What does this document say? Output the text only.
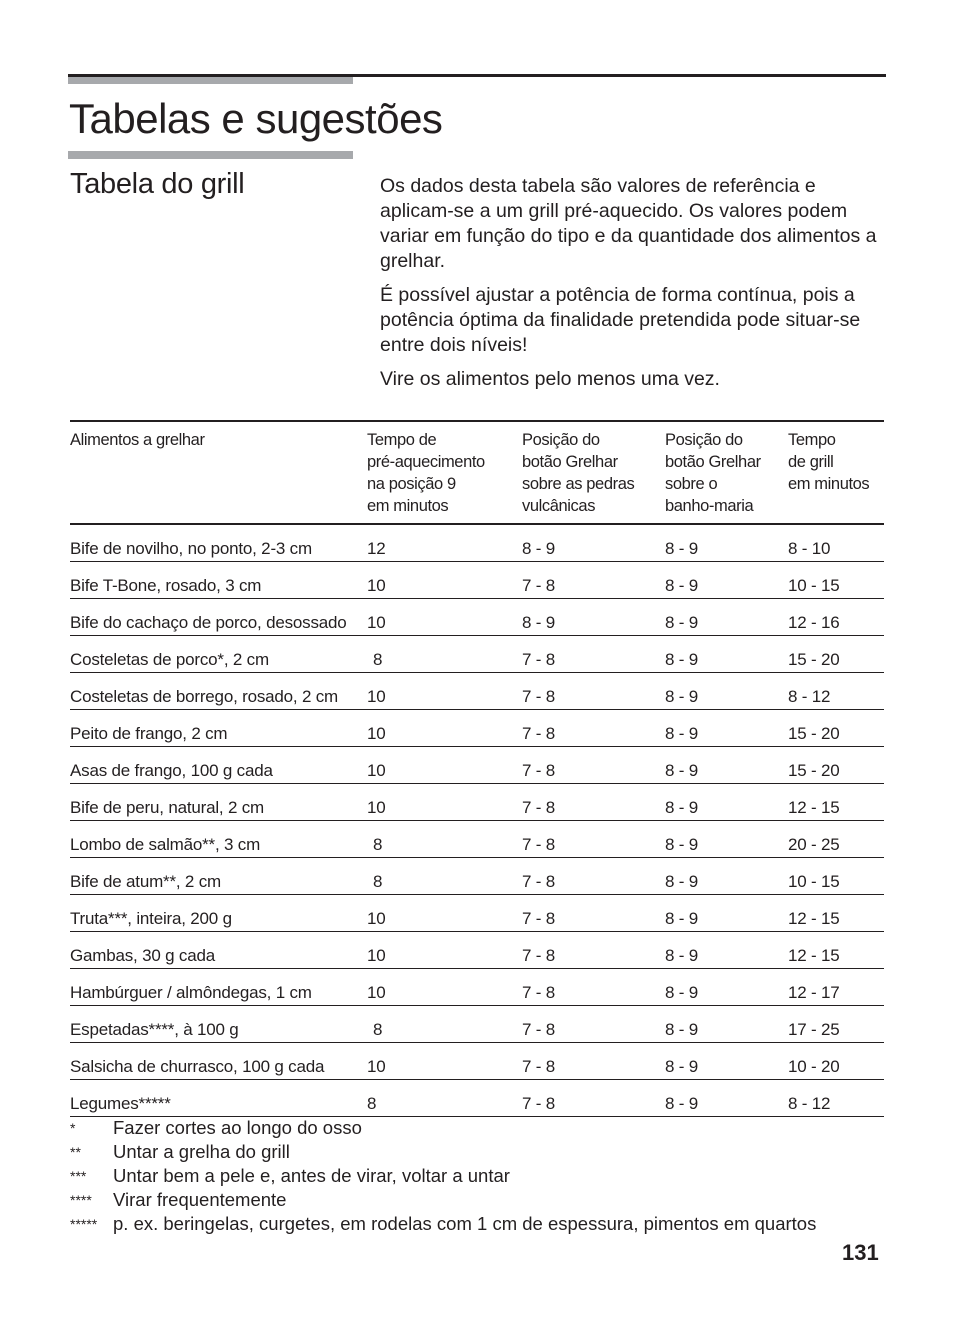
Tabelas e sugestões
Tabela do grill	Os dados desta tabela são valores de referência e aplicam-se a um grill pré-aquecido. Os valores podem variar em função do tipo e da quantidade dos alimentos a grelhar.

É possível ajustar a potência de forma contínua, pois a potência óptima da finalidade pretendida pode situar-se entre dois níveis!

Vire os alimentos pelo menos uma vez.

Alimentos a grelhar	Tempo de
pré-aquecimento
na posição 9
em minutos	Posição do
botão Grelhar
sobre as pedras
vulcânicas	Posição do
botão Grelhar
sobre o
banho-maria	Tempo
de grill
em minutos

Bife de novilho, no ponto, 2-3 cm	12	8 - 9	8 - 9	8 - 10
Bife T-Bone, rosado, 3 cm	10	7 - 8	8 - 9	10 - 15
Bife do cachaço de porco, desossado	10	8 - 9	8 - 9	12 - 16
Costeletas de porco*, 2 cm	8	7 - 8	8 - 9	15 - 20
Costeletas de borrego, rosado, 2 cm	10	7 - 8	8 - 9	8 - 12
Peito de frango, 2 cm	10	7 - 8	8 - 9	15 - 20
Asas de frango, 100 g cada	10	7 - 8	8 - 9	15 - 20
Bife de peru, natural, 2 cm	10	7 - 8	8 - 9	12 - 15
Lombo de salmão**, 3 cm	8	7 - 8	8 - 9	20 - 25
Bife de atum**, 2 cm	8	7 - 8	8 - 9	10 - 15
Truta***, inteira, 200 g	10	7 - 8	8 - 9	12 - 15
Gambas, 30 g cada	10	7 - 8	8 - 9	12 - 15
Hambúrguer / almôndegas, 1 cm	10	7 - 8	8 - 9	12 - 17
Espetadas****, à 100 g	8	7 - 8	8 - 9	17 - 25
Salsicha de churrasco, 100 g cada	10	7 - 8	8 - 9	10 - 20
Legumes*****	8	7 - 8	8 - 9	8 - 12
*	Fazer cortes ao longo do osso
**	Untar a grelha do grill
***	Untar bem a pele e, antes de virar, voltar a untar
****	Virar frequentemente
***** p. ex. beringelas, curgetes, em rodelas com 1 cm de espessura, pimentos em quartos
131
